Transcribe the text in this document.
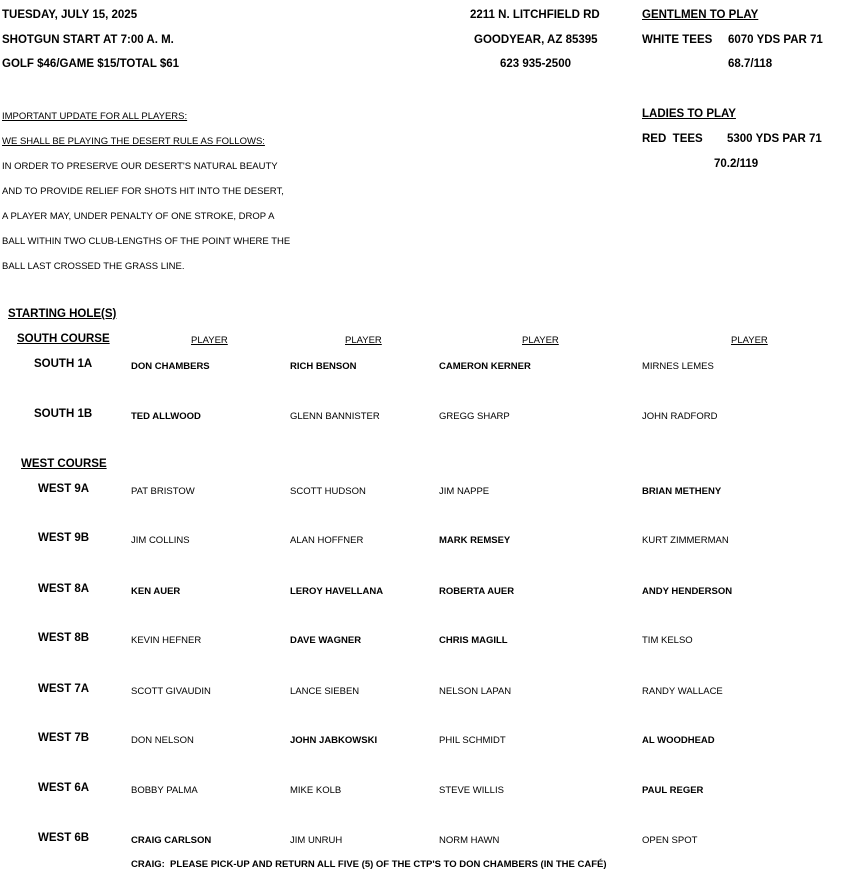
TUESDAY, JULY 15, 2025
SHOTGUN START AT 7:00 A. M.
GOLF $46/GAME $15/TOTAL $61
2211 N. LITCHFIELD RD
GOODYEAR, AZ 85395
623 935-2500
GENTLMEN TO PLAY
WHITE TEES 6070 YDS PAR 71
68.7/118
LADIES TO PLAY
RED  TEES 5300 YDS PAR 71
70.2/119
IMPORTANT UPDATE FOR ALL PLAYERS:
WE SHALL BE PLAYING THE DESERT RULE AS FOLLOWS:
IN ORDER TO PRESERVE OUR DESERT'S NATURAL BEAUTY
AND TO PROVIDE RELIEF FOR SHOTS HIT INTO THE DESERT,
A PLAYER MAY, UNDER PENALTY OF ONE STROKE, DROP A
BALL WITHIN TWO CLUB-LENGTHS OF THE POINT WHERE THE
BALL LAST CROSSED THE GRASS LINE.
STARTING HOLE(S)
SOUTH COURSE	PLAYER	PLAYER	PLAYER	PLAYER
SOUTH 1A	DON CHAMBERS	RICH BENSON	CAMERON KERNER	MIRNES LEMES
SOUTH 1B	TED ALLWOOD	GLENN BANNISTER	GREGG SHARP	JOHN RADFORD
WEST COURSE
WEST 9A	PAT BRISTOW	SCOTT HUDSON	JIM NAPPE	BRIAN METHENY
WEST 9B	JIM COLLINS	ALAN HOFFNER	MARK REMSEY	KURT ZIMMERMAN
WEST 8A	KEN AUER	LEROY HAVELLANA	ROBERTA AUER	ANDY HENDERSON
WEST 8B	KEVIN HEFNER	DAVE WAGNER	CHRIS MAGILL	TIM KELSO
WEST 7A	SCOTT GIVAUDIN	LANCE SIEBEN	NELSON LAPAN	RANDY WALLACE
WEST 7B	DON NELSON	JOHN JABKOWSKI	PHIL SCHMIDT	AL WOODHEAD
WEST 6A	BOBBY PALMA	MIKE KOLB	STEVE WILLIS	PAUL REGER
WEST 6B	CRAIG CARLSON	JIM UNRUH	NORM HAWN	OPEN SPOT
CRAIG:  PLEASE PICK-UP AND RETURN ALL FIVE (5) OF THE CTP'S TO DON CHAMBERS (IN THE CAFÉ)
